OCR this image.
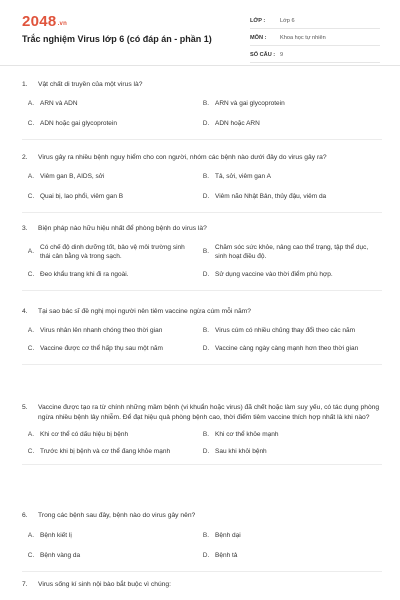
2048.vn
Trắc nghiệm Virus lớp 6 (có đáp án - phần 1)
LỚP :	Lớp 6
MÔN :	Khoa học tự nhiên
SỐ CÂU : 9
1.	Vật chất di truyền của một virus là?
A. ARN và ADN	B. ARN và gai glycoprotein
C. ADN hoặc gai glycoprotein	D. ADN hoặc ARN
2.	Virus gây ra nhiều bệnh nguy hiểm cho con người, nhóm các bệnh nào dưới đây do virus gây ra?
A. Viêm gan B, AIDS, sởi	B. Tả, sởi, viêm gan A
C. Quai bị, lao phổi, viêm gan B	D. Viêm não Nhật Bản, thủy đậu, viêm da
3.	Biện pháp nào hữu hiệu nhất để phòng bệnh do virus là?
A.
Có chế độ dinh dưỡng tốt, bảo vệ môi trường sinh thái cân bằng và trong sạch.
B.
Chăm sóc sức khỏe, nâng cao thể trạng, tập thể dục, sinh hoạt điều độ.
C. Đeo khẩu trang khi đi ra ngoài.	D. Sử dụng vaccine vào thời điểm phù hợp.
4.	Tại sao bác sĩ đề nghị mọi người nên tiêm vaccine ngừa cúm mỗi năm?
A. Virus nhân lên nhanh chóng theo thời gian	B. Virus cúm có nhiều chủng thay đổi theo các năm
C. Vaccine được cơ thể hấp thụ sau một năm	D. Vaccine càng ngày càng mạnh hơn theo thời gian
5.	Vaccine được tạo ra từ chính những mầm bệnh (vi khuẩn hoặc virus) đã chết hoặc làm suy yếu, có tác dụng phòng ngừa nhiều bệnh lây nhiễm. Để đạt hiệu quả phòng bệnh cao, thời điểm tiêm vaccine thích hợp nhất là khi nào?
A. Khi cơ thể có dấu hiệu bị bệnh	B. Khi cơ thể khỏe mạnh
C. Trước khi bị bệnh và cơ thể đang khỏe mạnh	D. Sau khi khỏi bệnh
6.	Trong các bệnh sau đây, bệnh nào do virus gây nên?
A. Bệnh kiết lị	B. Bệnh dại
C. Bệnh vàng da	D. Bệnh tả
7.	Virus sống kí sinh nội bào bắt buộc vì chúng:
